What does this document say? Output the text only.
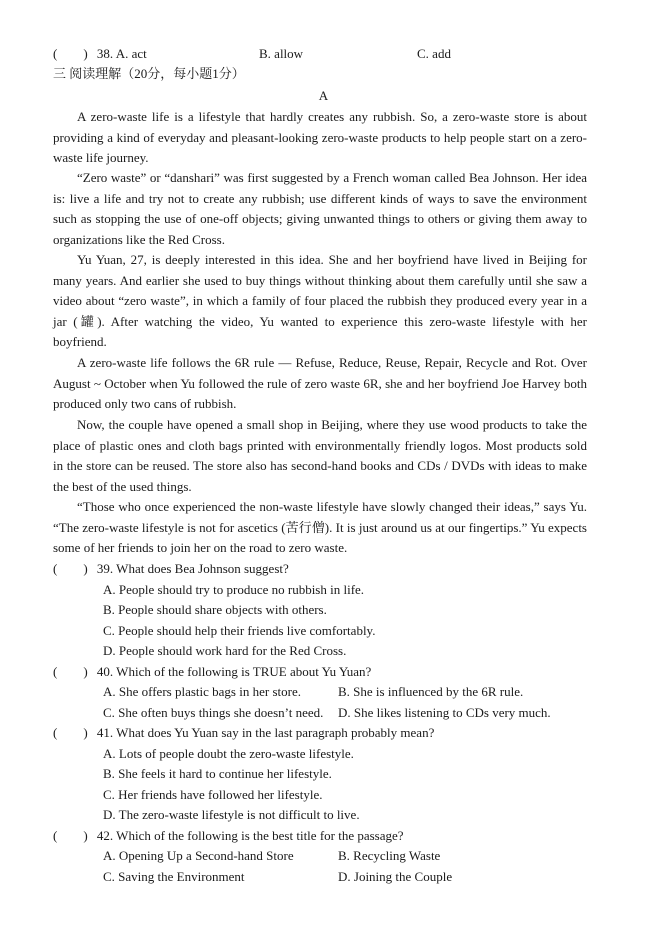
(　　) 38. A. act	B. allow	C. add
三 阅读理解（20分，每小题1分）
A

A zero-waste life is a lifestyle that hardly creates any rubbish. So, a zero-waste store is about providing a kind of everyday and pleasant-looking zero-waste products to help people start on a zero-waste life journey.

“Zero waste” or “danshari” was first suggested by a French woman called Bea Johnson. Her idea is: live a life and try not to create any rubbish; use different kinds of ways to save the environment such as stopping the use of one-off objects; giving unwanted things to others or giving them away to organizations like the Red Cross.

Yu Yuan, 27, is deeply interested in this idea. She and her boyfriend have lived in Beijing for many years. And earlier she used to buy things without thinking about them carefully until she saw a video about “zero waste”, in which a family of four placed the rubbish they produced every year in a jar (罐). After watching the video, Yu wanted to experience this zero-waste lifestyle with her boyfriend.

A zero-waste life follows the 6R rule — Refuse, Reduce, Reuse, Repair, Recycle and Rot. Over August ~ October when Yu followed the rule of zero waste 6R, she and her boyfriend Joe Harvey both produced only two cans of rubbish.

Now, the couple have opened a small shop in Beijing, where they use wood products to take the place of plastic ones and cloth bags printed with environmentally friendly logos. Most products sold in the store can be reused. The store also has second-hand books and CDs / DVDs with ideas to make the best of the used things.

“Those who once experienced the non-waste lifestyle have slowly changed their ideas,” says Yu. “The zero-waste lifestyle is not for ascetics (苦行僧). It is just around us at our fingertips.” Yu expects some of her friends to join her on the road to zero waste.

(　　) 39. What does Bea Johnson suggest?
A. People should try to produce no rubbish in life.
B. People should share objects with others.
C. People should help their friends live comfortably.
D. People should work hard for the Red Cross.
(　　) 40. Which of the following is TRUE about Yu Yuan?
A. She offers plastic bags in her store.	B. She is influenced by the 6R rule.
C. She often buys things she doesn’t need. D. She likes listening to CDs very much.
(　　) 41. What does Yu Yuan say in the last paragraph probably mean?
A. Lots of people doubt the zero-waste lifestyle.
B. She feels it hard to continue her lifestyle.
C. Her friends have followed her lifestyle.
D. The zero-waste lifestyle is not difficult to live.
(　　) 42. Which of the following is the best title for the passage?
A. Opening Up a Second-hand Store	B. Recycling Waste
C. Saving the Environment	D. Joining the Couple
